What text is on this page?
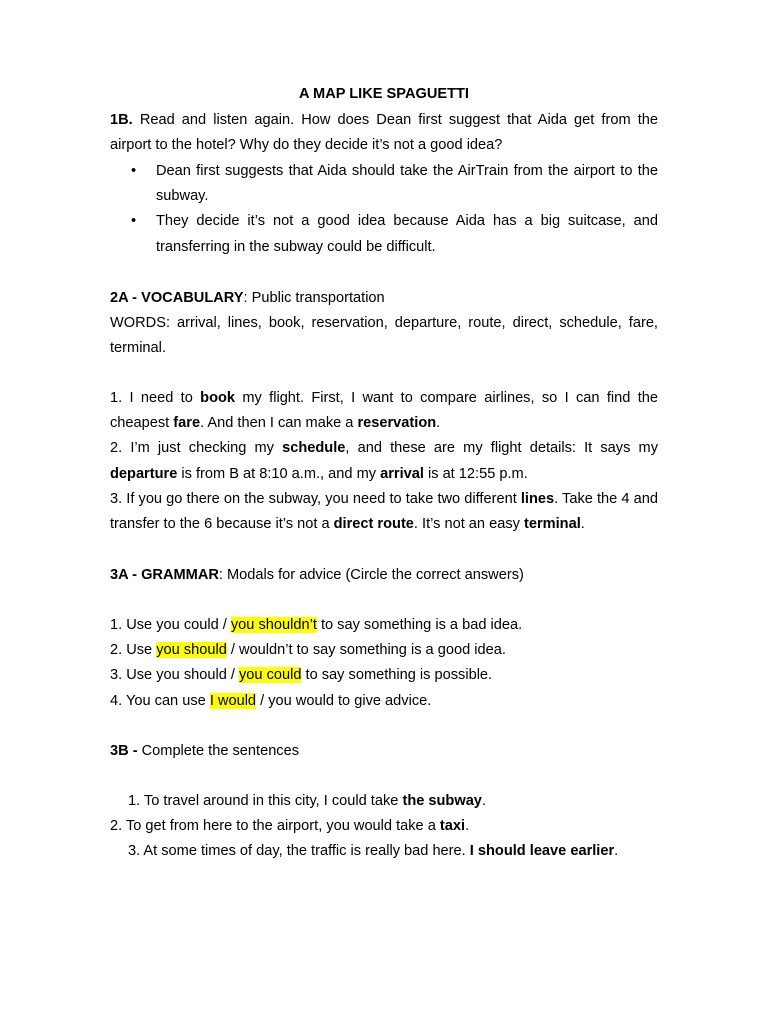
A MAP LIKE SPAGUETTI

1B. Read and listen again. How does Dean first suggest that Aida get from the airport to the hotel? Why do they decide it’s not a good idea?

• Dean first suggests that Aida should take the AirTrain from the airport to the subway.
• They decide it’s not a good idea because Aida has a big suitcase, and transferring in the subway could be difficult.

2A - VOCABULARY: Public transportation

WORDS: arrival, lines, book, reservation, departure, route, direct, schedule, fare, terminal.

1. I need to book my flight. First, I want to compare airlines, so I can find the cheapest fare. And then I can make a reservation.

2. I’m just checking my schedule, and these are my flight details: It says my departure is from B at 8:10 a.m., and my arrival is at 12:55 p.m.

3. If you go there on the subway, you need to take two different lines. Take the 4 and transfer to the 6 because it’s not a direct route. It’s not an easy terminal.

3A - GRAMMAR: Modals for advice (Circle the correct answers)

1. Use you could / you shouldn’t to say something is a bad idea.

2. Use you should / wouldn’t to say something is a good idea.

3. Use you should / you could to say something is possible.

4. You can use I would / you would to give advice.

3B - Complete the sentences

1. To travel around in this city, I could take the subway.

2. To get from here to the airport, you would take a taxi.

3. At some times of day, the traffic is really bad here. I should leave earlier.
